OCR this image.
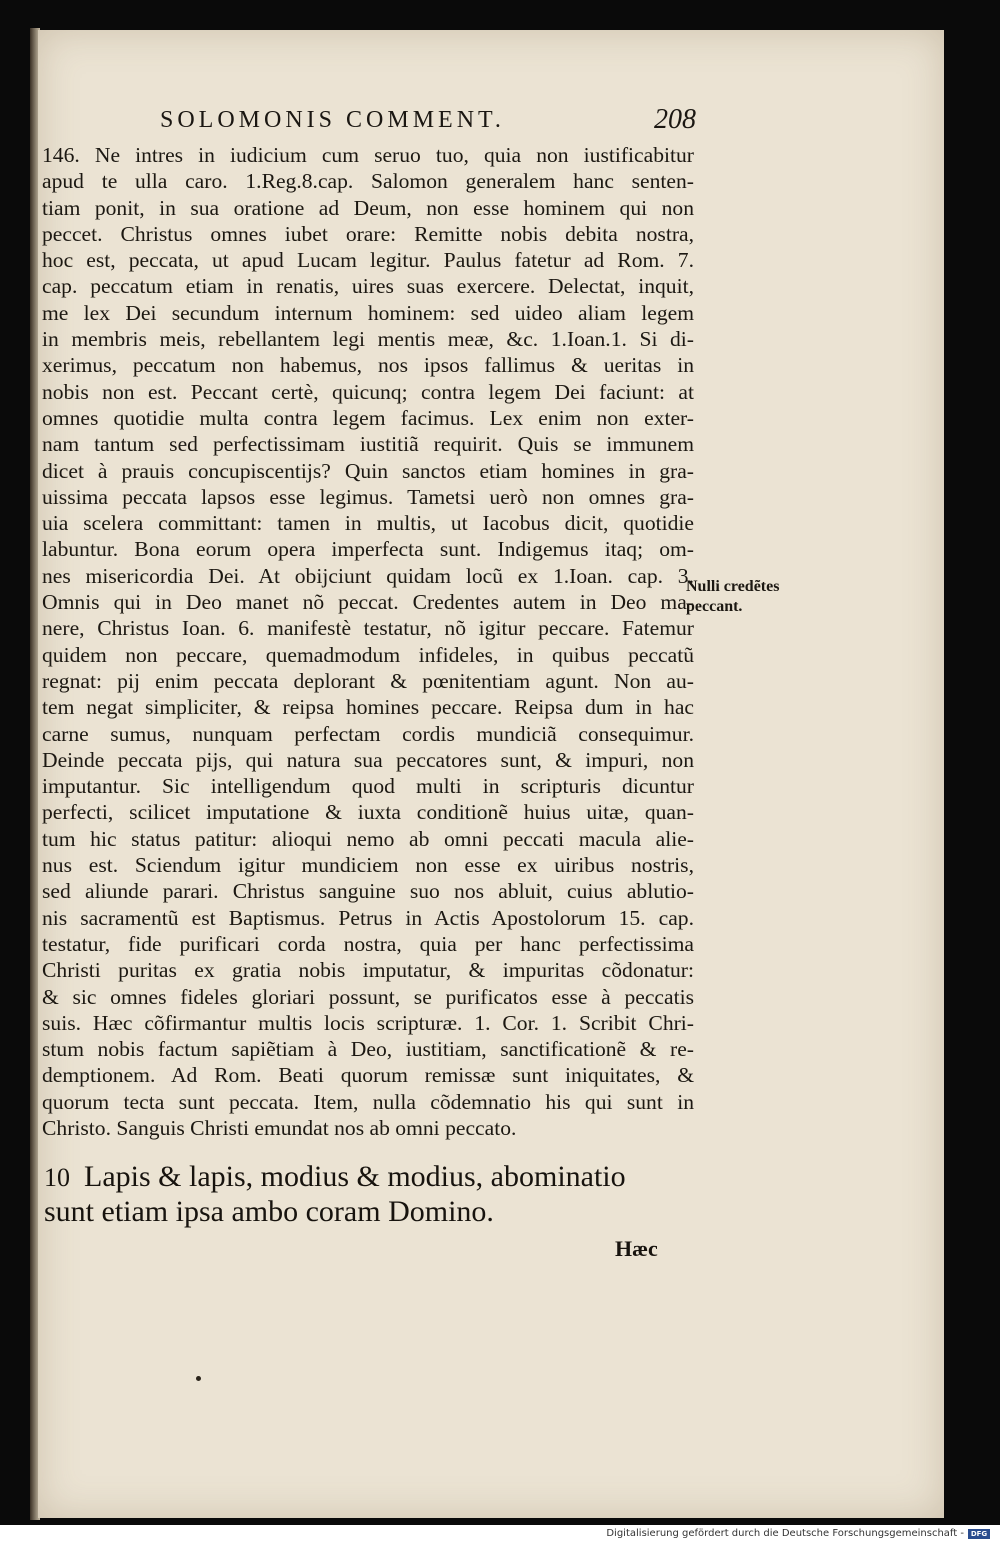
SOLOMONIS COMMENT.	208
146. Ne intres in iudicium cum seruo tuo, quia non iustificabitur
apud te ulla caro. 1.Reg.8.cap. Salomon generalem hanc senten-
tiam ponit, in sua oratione ad Deum, non esse hominem qui non
peccet. Christus omnes iubet orare: Remitte nobis debita nostra,
hoc est, peccata, ut apud Lucam legitur. Paulus fatetur ad Rom. 7.
cap. peccatum etiam in renatis, uires suas exercere. Delectat, inquit,
me lex Dei secundum internum hominem: sed uideo aliam legem
in membris meis, rebellantem legi mentis meæ, &c. 1.Ioan.1. Si di-
xerimus, peccatum non habemus, nos ipsos fallimus & ueritas in
nobis non est. Peccant certè, quicunq; contra legem Dei faciunt: at
omnes quotidie multa contra legem facimus. Lex enim non exter-
nam tantum sed perfectissimam iustitiã requirit. Quis se immunem
dicet à prauis concupiscentijs? Quin sanctos etiam homines in gra-
uissima peccata lapsos esse legimus. Tametsi uerò non omnes gra-
uia scelera committant: tamen in multis, ut Iacobus dicit, quotidie
labuntur. Bona eorum opera imperfecta sunt. Indigemus itaq; om-
nes misericordia Dei. At obijciunt quidam locũ ex 1.Ioan. cap. 3.
Omnis qui in Deo manet nõ peccat. Credentes autem in Deo ma-
nere, Christus Ioan. 6. manifestè testatur, nõ igitur peccare. Fatemur
quidem non peccare, quemadmodum infideles, in quibus peccatũ
regnat: pij enim peccata deplorant & pœnitentiam agunt. Non au-
tem negat simpliciter, & reipsa homines peccare. Reipsa dum in hac
carne sumus, nunquam perfectam cordis mundiciã consequimur.
Deinde peccata pijs, qui natura sua peccatores sunt, & impuri, non
imputantur. Sic intelligendum quod multi in scripturis dicuntur
perfecti, scilicet imputatione & iuxta conditionẽ huius uitæ, quan-
tum hic status patitur: alioqui nemo ab omni peccati macula alie-
nus est. Sciendum igitur mundiciem non esse ex uiribus nostris,
sed aliunde parari. Christus sanguine suo nos abluit, cuius ablutio-
nis sacramentũ est Baptismus. Petrus in Actis Apostolorum 15. cap.
testatur, fide purificari corda nostra, quia per hanc perfectissima
Christi puritas ex gratia nobis imputatur, & impuritas cõdonatur:
& sic omnes fideles gloriari possunt, se purificatos esse à peccatis
suis. Hæc cõfirmantur multis locis scripturæ. 1. Cor. 1. Scribit Chri-
stum nobis factum sapiẽtiam à Deo, iustitiam, sanctificationẽ & re-
demptionem. Ad Rom. Beati quorum remissæ sunt iniquitates, &
quorum tecta sunt peccata. Item, nulla cõdemnatio his qui sunt in
Christo. Sanguis Christi emundat nos ab omni peccato.
Nulli credẽtes
peccant.
10 Lapis & lapis, modius & modius, abominatio
sunt etiam ipsa ambo coram Domino.
Hæc
Digitalisierung gefördert durch die Deutsche Forschungsgemeinschaft - DFG
